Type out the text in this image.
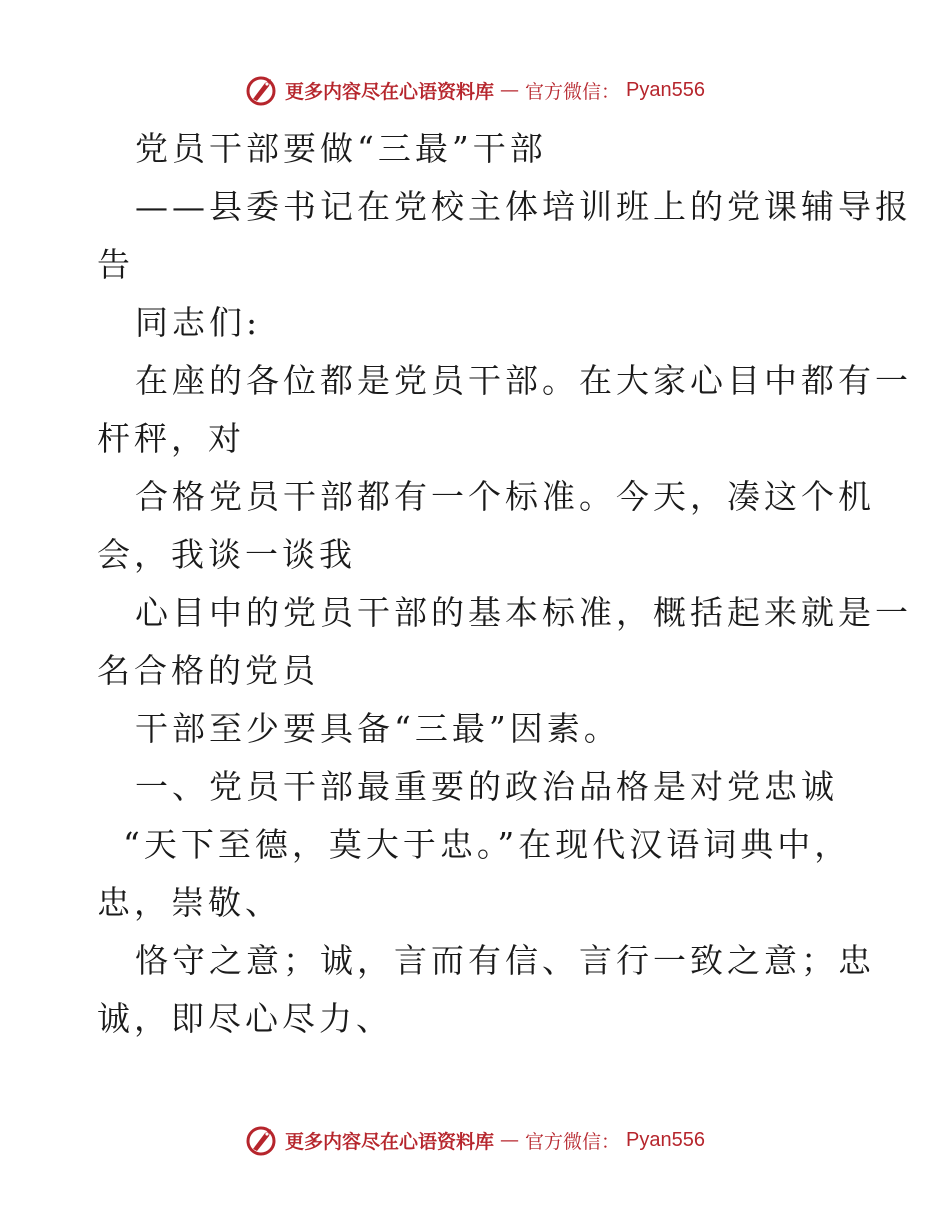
更多内容尽在心语资料库 — 官方微信： Pyan556
党员干部要做“三最”干部
——县委书记在党校主体培训班上的党课辅导报
告
同志们:
在座的各位都是党员干部。在大家心目中都有一
杆秤，对
合格党员干部都有一个标准。今天，凑这个机
会，我谈一谈我
心目中的党员干部的基本标准，概括起来就是一
名合格的党员
干部至少要具备“三最”因素。
一、党员干部最重要的政治品格是对党忠诚
“天下至德，莫大于忠。”在现代汉语词典中，
忠，崇敬、
恪守之意；诚，言而有信、言行一致之意；忠
诚，即尽心尽力、
更多内容尽在心语资料库 — 官方微信： Pyan556
